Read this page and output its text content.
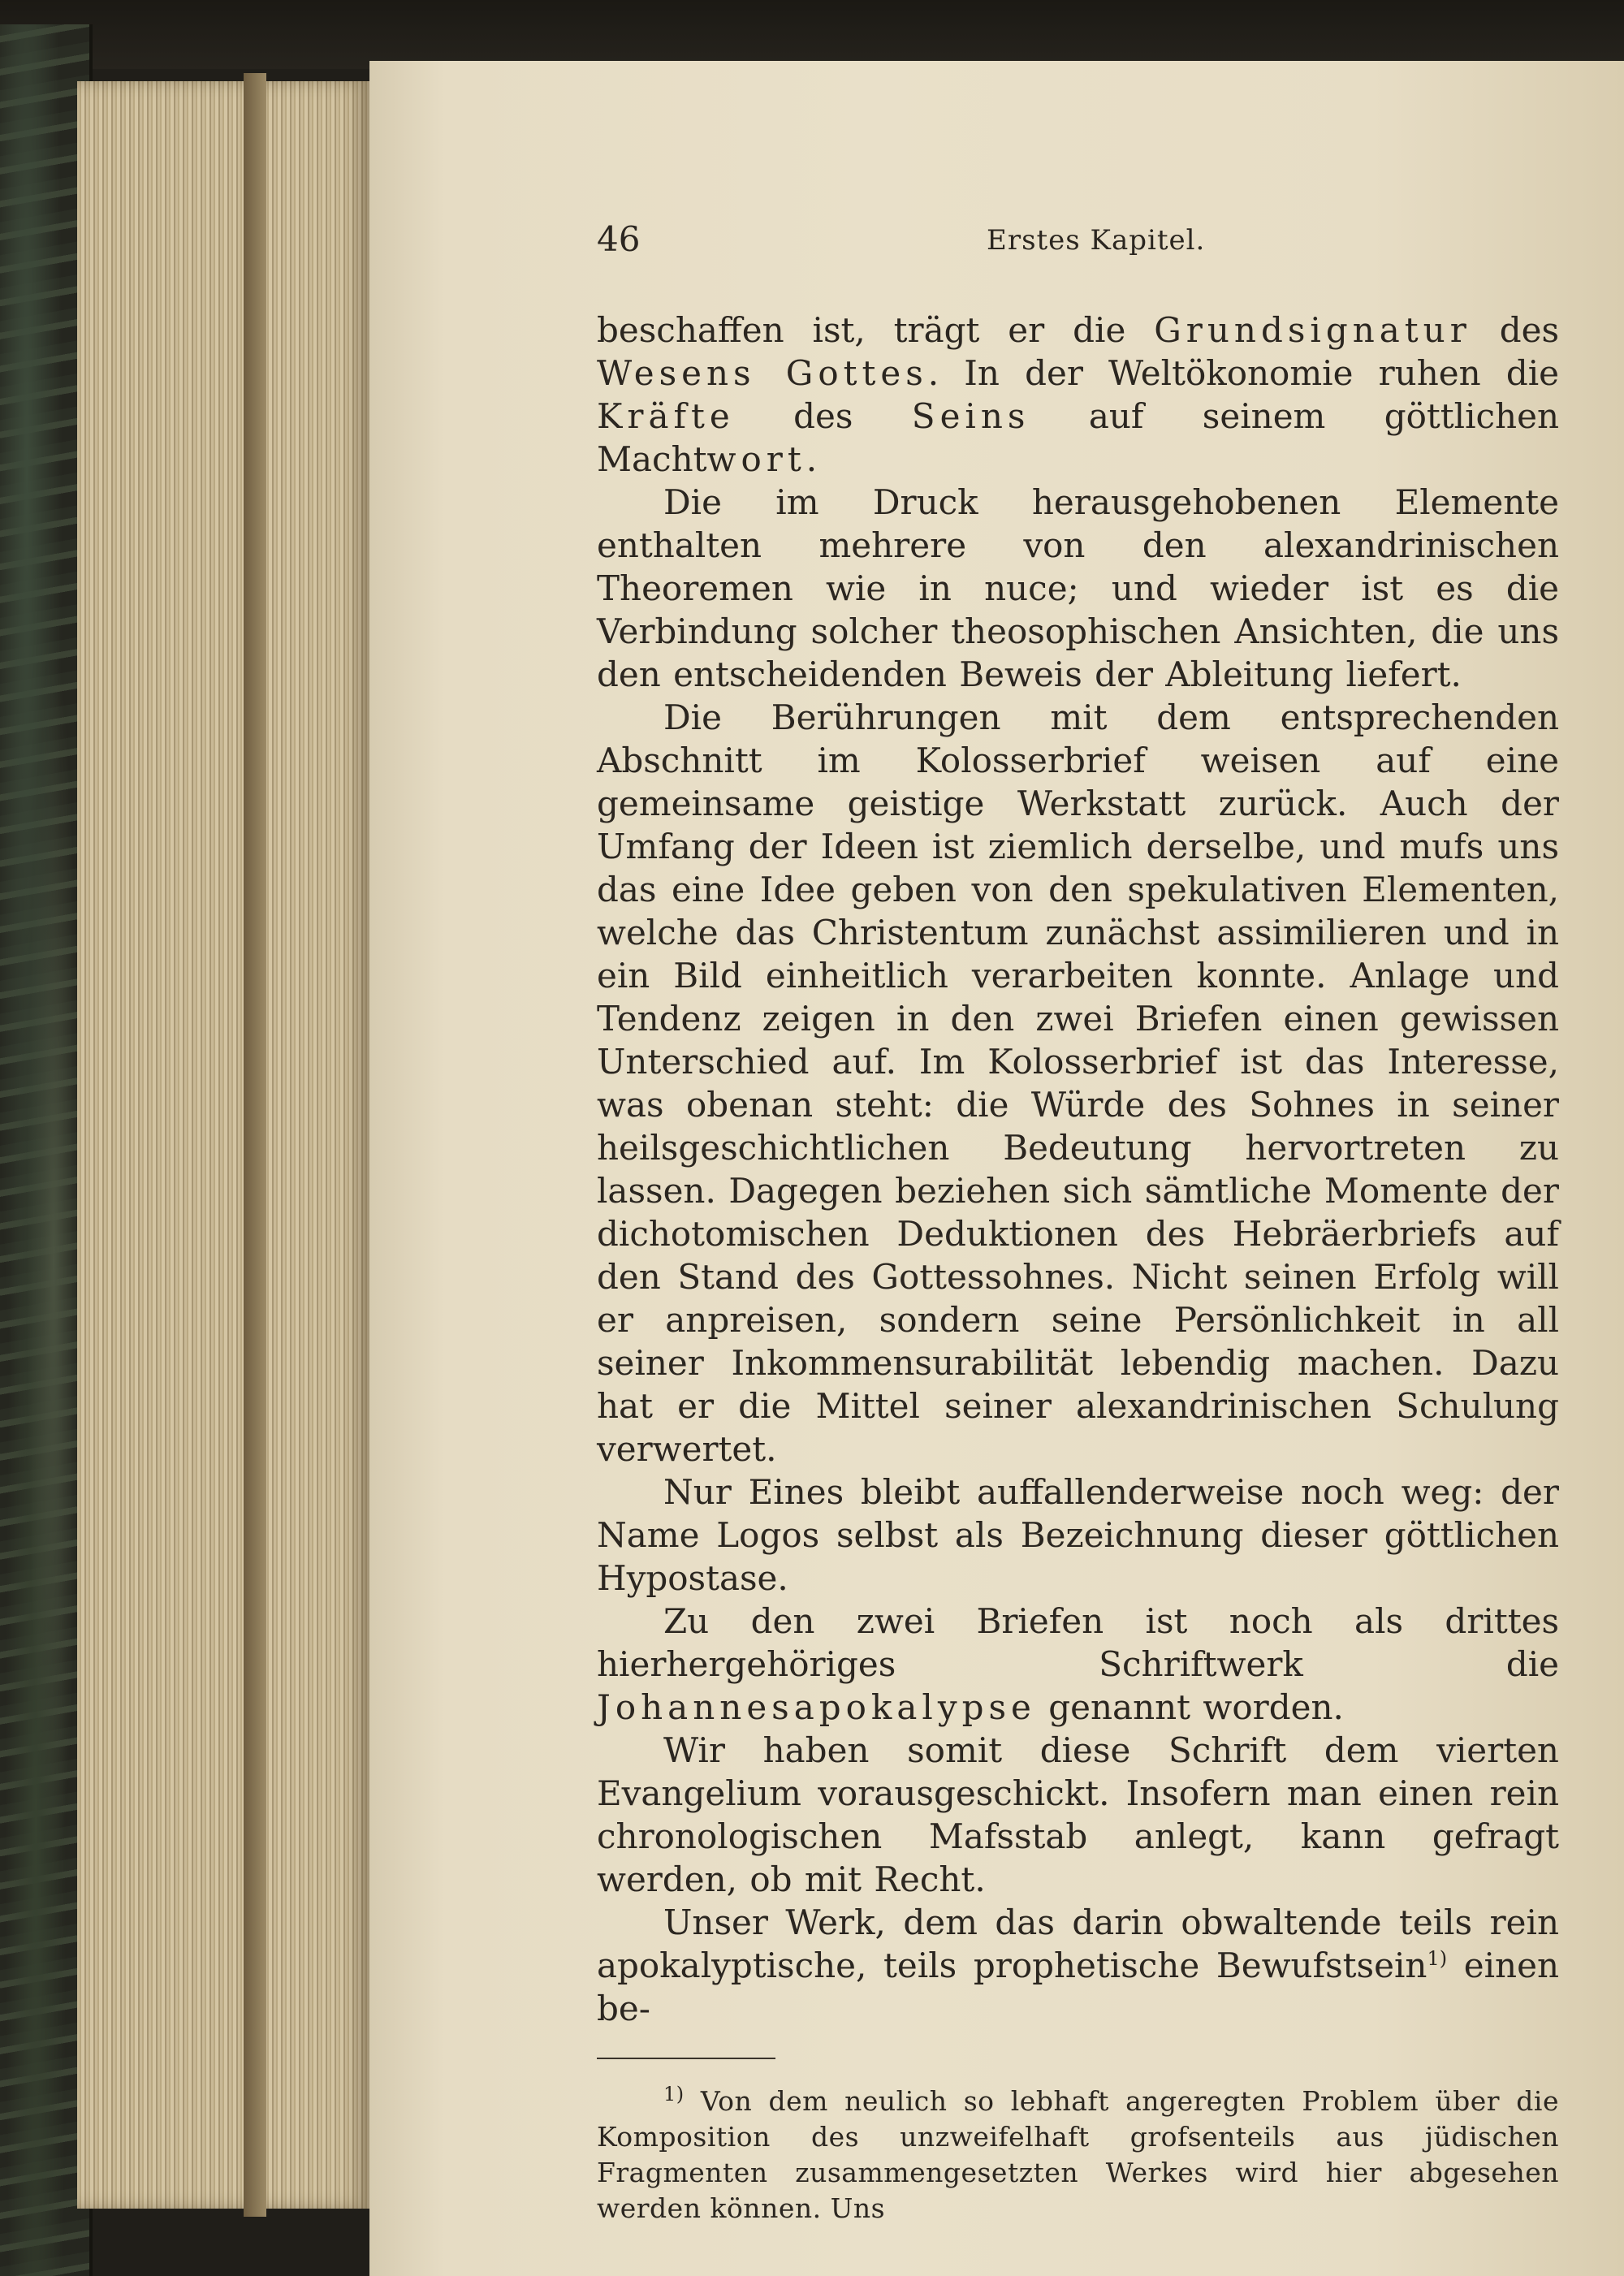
46	Erstes Kapitel.

beschaffen ist, trägt er die Grundsignatur des Wesens Gottes. In der Weltökonomie ruhen die Kräfte des Seins auf seinem göttlichen Machtwort.

Die im Druck herausgehobenen Elemente enthalten mehrere von den alexandrinischen Theoremen wie in nuce; und wieder ist es die Verbindung solcher theosophischen Ansichten, die uns den entscheidenden Beweis der Ableitung liefert.

Die Berührungen mit dem entsprechenden Abschnitt im Kolosserbrief weisen auf eine gemeinsame geistige Werkstatt zurück. Auch der Umfang der Ideen ist ziemlich derselbe, und mufs uns das eine Idee geben von den spekulativen Elementen, welche das Christentum zunächst assimilieren und in ein Bild einheitlich verarbeiten konnte. Anlage und Tendenz zeigen in den zwei Briefen einen gewissen Unterschied auf. Im Kolosserbrief ist das Interesse, was obenan steht: die Würde des Sohnes in seiner heilsgeschichtlichen Bedeutung hervortreten zu lassen. Dagegen beziehen sich sämtliche Momente der dichotomischen Deduktionen des Hebräerbriefs auf den Stand des Gottessohnes. Nicht seinen Erfolg will er anpreisen, sondern seine Persönlichkeit in all seiner Inkommensurabilität lebendig machen. Dazu hat er die Mittel seiner alexandrinischen Schulung verwertet.

Nur Eines bleibt auffallenderweise noch weg: der Name Logos selbst als Bezeichnung dieser göttlichen Hypostase.

Zu den zwei Briefen ist noch als drittes hierhergehöriges Schriftwerk die Johannesapokalypse genannt worden.

Wir haben somit diese Schrift dem vierten Evangelium vorausgeschickt. Insofern man einen rein chronologischen Mafsstab anlegt, kann gefragt werden, ob mit Recht.

Unser Werk, dem das darin obwaltende teils rein apokalyptische, teils prophetische Bewufstsein$^{1)}$ einen be-

$^{1)}$ Von dem neulich so lebhaft angeregten Problem über die Komposition des unzweifelhaft grofsenteils aus jüdischen Fragmenten zusammengesetzten Werkes wird hier abgesehen werden können. Uns
